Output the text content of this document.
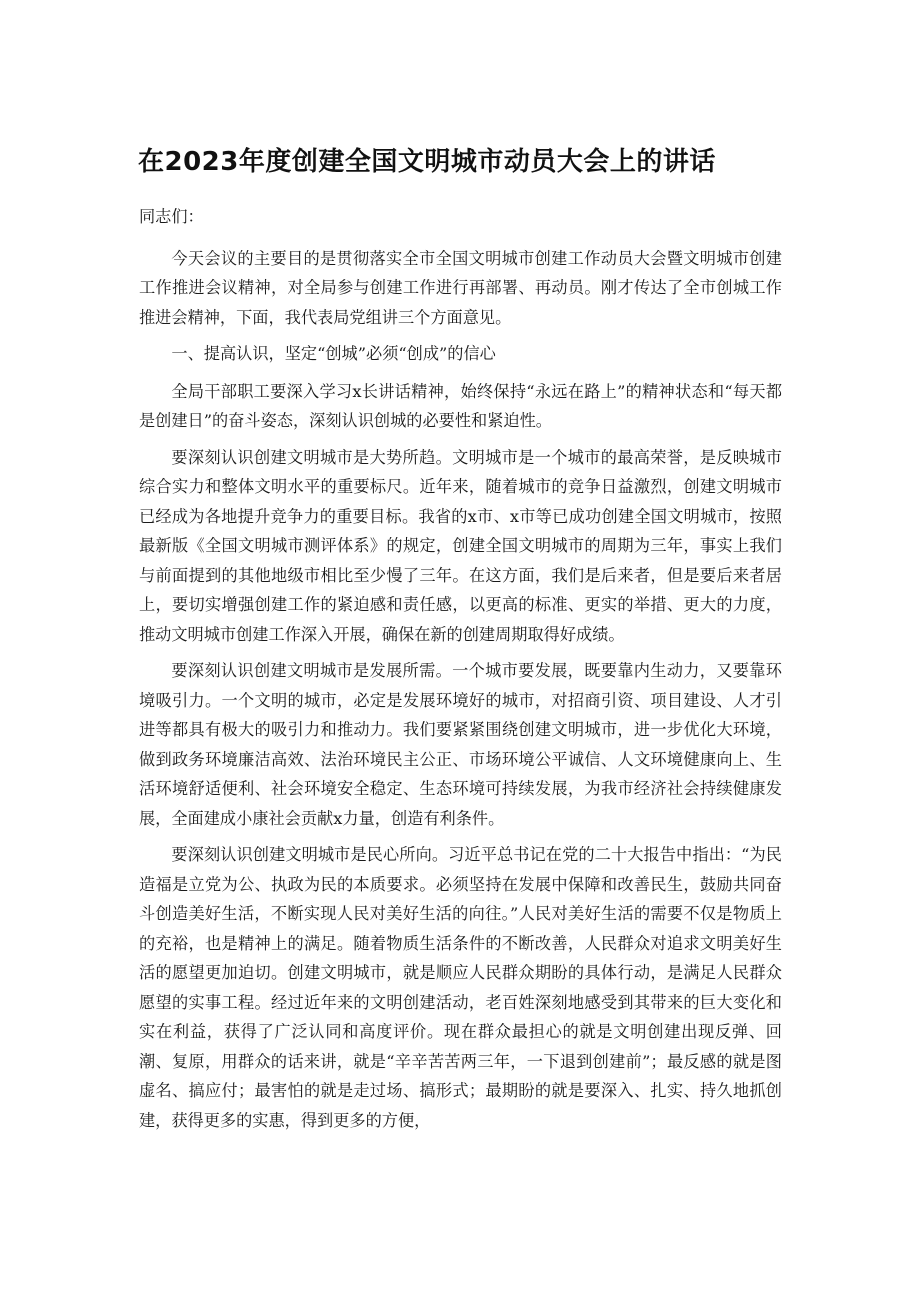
在2023年度创建全国文明城市动员大会上的讲话

同志们：

今天会议的主要目的是贯彻落实全市全国文明城市创建工作动员大会暨文明城市创建工作推进会议精神，对全局参与创建工作进行再部署、再动员。刚才传达了全市创城工作推进会精神，下面，我代表局党组讲三个方面意见。

一、提高认识，坚定“创城”必须“创成”的信心

全局干部职工要深入学习x长讲话精神，始终保持“永远在路上”的精神状态和“每天都是创建日”的奋斗姿态，深刻认识创城的必要性和紧迫性。

要深刻认识创建文明城市是大势所趋。文明城市是一个城市的最高荣誉，是反映城市综合实力和整体文明水平的重要标尺。近年来，随着城市的竞争日益激烈，创建文明城市已经成为各地提升竞争力的重要目标。我省的x市、x市等已成功创建全国文明城市，按照最新版《全国文明城市测评体系》的规定，创建全国文明城市的周期为三年，事实上我们与前面提到的其他地级市相比至少慢了三年。在这方面，我们是后来者，但是要后来者居上，要切实增强创建工作的紧迫感和责任感，以更高的标准、更实的举措、更大的力度，推动文明城市创建工作深入开展，确保在新的创建周期取得好成绩。

要深刻认识创建文明城市是发展所需。一个城市要发展，既要靠内生动力，又要靠环境吸引力。一个文明的城市，必定是发展环境好的城市，对招商引资、项目建设、人才引进等都具有极大的吸引力和推动力。我们要紧紧围绕创建文明城市，进一步优化大环境，做到政务环境廉洁高效、法治环境民主公正、市场环境公平诚信、人文环境健康向上、生活环境舒适便利、社会环境安全稳定、生态环境可持续发展，为我市经济社会持续健康发展，全面建成小康社会贡献x力量，创造有利条件。

要深刻认识创建文明城市是民心所向。习近平总书记在党的二十大报告中指出：“为民造福是立党为公、执政为民的本质要求。必须坚持在发展中保障和改善民生，鼓励共同奋斗创造美好生活，不断实现人民对美好生活的向往。”人民对美好生活的需要不仅是物质上的充裕，也是精神上的满足。随着物质生活条件的不断改善，人民群众对追求文明美好生活的愿望更加迫切。创建文明城市，就是顺应人民群众期盼的具体行动，是满足人民群众愿望的实事工程。经过近年来的文明创建活动，老百姓深刻地感受到其带来的巨大变化和实在利益，获得了广泛认同和高度评价。现在群众最担心的就是文明创建出现反弹、回潮、复原，用群众的话来讲，就是“辛辛苦苦两三年，一下退到创建前”；最反感的就是图虚名、搞应付；最害怕的就是走过场、搞形式；最期盼的就是要深入、扎实、持久地抓创建，获得更多的实惠，得到更多的方便，
